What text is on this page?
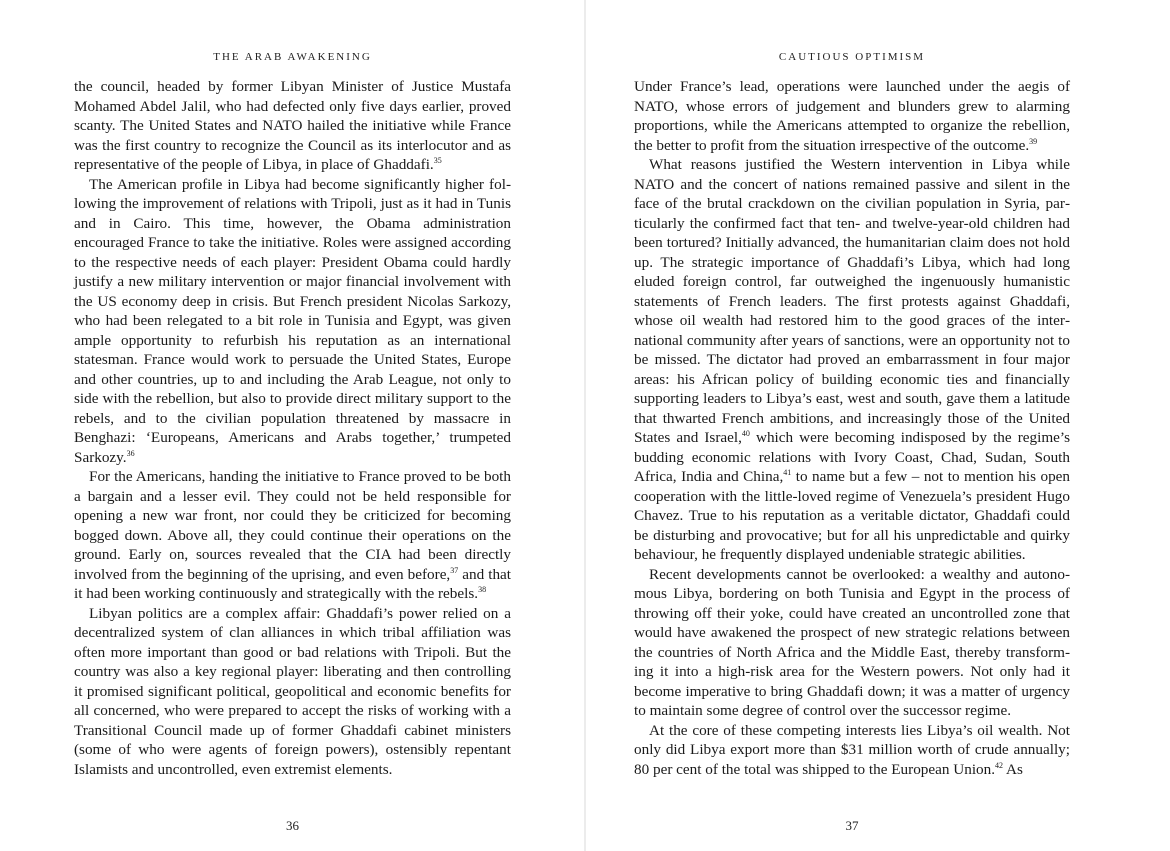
THE ARAB AWAKENING

the council, headed by former Libyan Minister of Justice Mustafa Mohamed Abdel Jalil, who had defected only five days earlier, proved scanty. The United States and NATO hailed the initiative while France was the first country to recognize the Council as its interlocutor and as representative of the people of Libya, in place of Ghaddafi.$^{35}$

The American profile in Libya had become significantly higher following the improvement of relations with Tripoli, just as it had in Tunis and in Cairo. This time, however, the Obama administration encouraged France to take the initiative. Roles were assigned according to the respective needs of each player: President Obama could hardly justify a new military intervention or major financial involvement with the US economy deep in crisis. But French president Nicolas Sarkozy, who had been relegated to a bit role in Tunisia and Egypt, was given ample opportunity to refurbish his reputation as an international statesman. France would work to persuade the United States, Europe and other countries, up to and including the Arab League, not only to side with the rebellion, but also to provide direct military support to the rebels, and to the civilian population threatened by massacre in Benghazi: ‘Europeans, Americans and Arabs together,’ trumpeted Sarkozy.$^{36}$

For the Americans, handing the initiative to France proved to be both a bargain and a lesser evil. They could not be held responsible for opening a new war front, nor could they be criticized for becoming bogged down. Above all, they could continue their operations on the ground. Early on, sources revealed that the CIA had been directly involved from the beginning of the uprising, and even before,$^{37}$ and that it had been working continuously and strategically with the rebels.$^{38}$

Libyan politics are a complex affair: Ghaddafi’s power relied on a decentralized system of clan alliances in which tribal affiliation was often more important than good or bad relations with Tripoli. But the country was also a key regional player: liberating and then controlling it promised significant political, geopolitical and economic benefits for all concerned, who were prepared to accept the risks of working with a Transitional Council made up of former Ghaddafi cabinet ministers (some of who were agents of foreign powers), ostensibly repentant Islamists and uncontrolled, even extremist elements.

36
CAUTIOUS OPTIMISM

Under France’s lead, operations were launched under the aegis of NATO, whose errors of judgement and blunders grew to alarming proportions, while the Americans attempted to organize the rebellion, the better to profit from the situation irrespective of the outcome.$^{39}$

What reasons justified the Western intervention in Libya while NATO and the concert of nations remained passive and silent in the face of the brutal crackdown on the civilian population in Syria, particularly the confirmed fact that ten- and twelve-year-old children had been tortured? Initially advanced, the humanitarian claim does not hold up. The strategic importance of Ghaddafi’s Libya, which had long eluded foreign control, far outweighed the ingenuously humanistic statements of French leaders. The first protests against Ghaddafi, whose oil wealth had restored him to the good graces of the international community after years of sanctions, were an opportunity not to be missed. The dictator had proved an embarrassment in four major areas: his African policy of building economic ties and financially supporting leaders to Libya’s east, west and south, gave them a latitude that thwarted French ambitions, and increasingly those of the United States and Israel,$^{40}$ which were becoming indisposed by the regime’s budding economic relations with Ivory Coast, Chad, Sudan, South Africa, India and China,$^{41}$ to name but a few – not to mention his open cooperation with the little-loved regime of Venezuela’s president Hugo Chavez. True to his reputation as a veritable dictator, Ghaddafi could be disturbing and provocative; but for all his unpredictable and quirky behaviour, he frequently displayed undeniable strategic abilities.

Recent developments cannot be overlooked: a wealthy and autonomous Libya, bordering on both Tunisia and Egypt in the process of throwing off their yoke, could have created an uncontrolled zone that would have awakened the prospect of new strategic relations between the countries of North Africa and the Middle East, thereby transforming it into a high-risk area for the Western powers. Not only had it become imperative to bring Ghaddafi down; it was a matter of urgency to maintain some degree of control over the successor regime.

At the core of these competing interests lies Libya’s oil wealth. Not only did Libya export more than $31 million worth of crude annually; 80 per cent of the total was shipped to the European Union.$^{42}$ As

37
